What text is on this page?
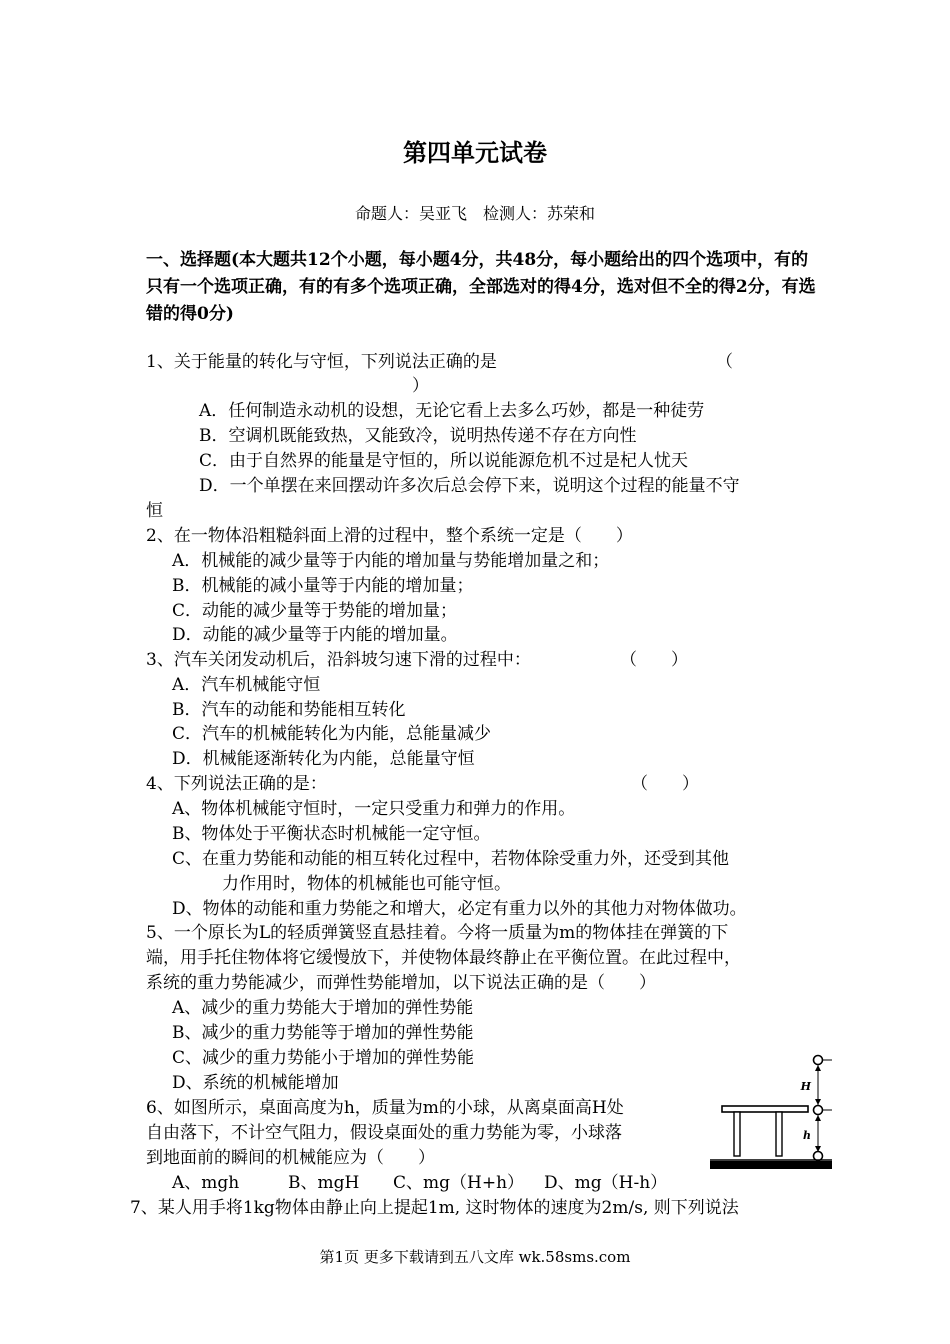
第四单元试卷
命题人：吴亚飞　检测人：苏荣和
一、选择题(本大题共12个小题，每小题4分，共48分，每小题给出的四个选项中，有的只有一个选项正确，有的有多个选项正确，全部选对的得4分，选对但不全的得2分，有选错的得0分)
1、关于能量的转化与守恒，下列说法正确的是	（
）
A．任何制造永动机的设想，无论它看上去多么巧妙，都是一种徒劳
B．空调机既能致热，又能致冷，说明热传递不存在方向性
C．由于自然界的能量是守恒的，所以说能源危机不过是杞人忧天
D．一个单摆在来回摆动许多次后总会停下来，说明这个过程的能量不守
恒
2、在一物体沿粗糙斜面上滑的过程中，整个系统一定是（　　）
A．机械能的减少量等于内能的增加量与势能增加量之和；
B．机械能的减小量等于内能的增加量；
C．动能的减少量等于势能的增加量；
D．动能的减少量等于内能的增加量。
3、汽车关闭发动机后，沿斜坡匀速下滑的过程中：	（　　）
A．汽车机械能守恒
B．汽车的动能和势能相互转化
C．汽车的机械能转化为内能，总能量减少
D．机械能逐渐转化为内能，总能量守恒
4、下列说法正确的是：	（　　）
A、物体机械能守恒时，一定只受重力和弹力的作用。
B、物体处于平衡状态时机械能一定守恒。
C、在重力势能和动能的相互转化过程中，若物体除受重力外，还受到其他
力作用时，物体的机械能也可能守恒。
D、物体的动能和重力势能之和增大，必定有重力以外的其他力对物体做功。
5、一个原长为L的轻质弹簧竖直悬挂着。今将一质量为m的物体挂在弹簧的下
端，用手托住物体将它缓慢放下，并使物体最终静止在平衡位置。在此过程中，
系统的重力势能减少，而弹性势能增加，以下说法正确的是（　　）
A、减少的重力势能大于增加的弹性势能
B、减少的重力势能等于增加的弹性势能
C、减少的重力势能小于增加的弹性势能
D、系统的机械能增加
6、如图所示，桌面高度为h，质量为m的小球，从离桌面高H处
自由落下，不计空气阻力，假设桌面处的重力势能为零，小球落
到地面前的瞬间的机械能应为（　　）
A、mgh	B、mgH C、mg（H+h） D、mg（H-h）
H
h
7、某人用手将1kg物体由静止向上提起1m, 这时物体的速度为2m/s, 则下列说法
第1页 更多下载请到五八文库 wk.58sms.com
